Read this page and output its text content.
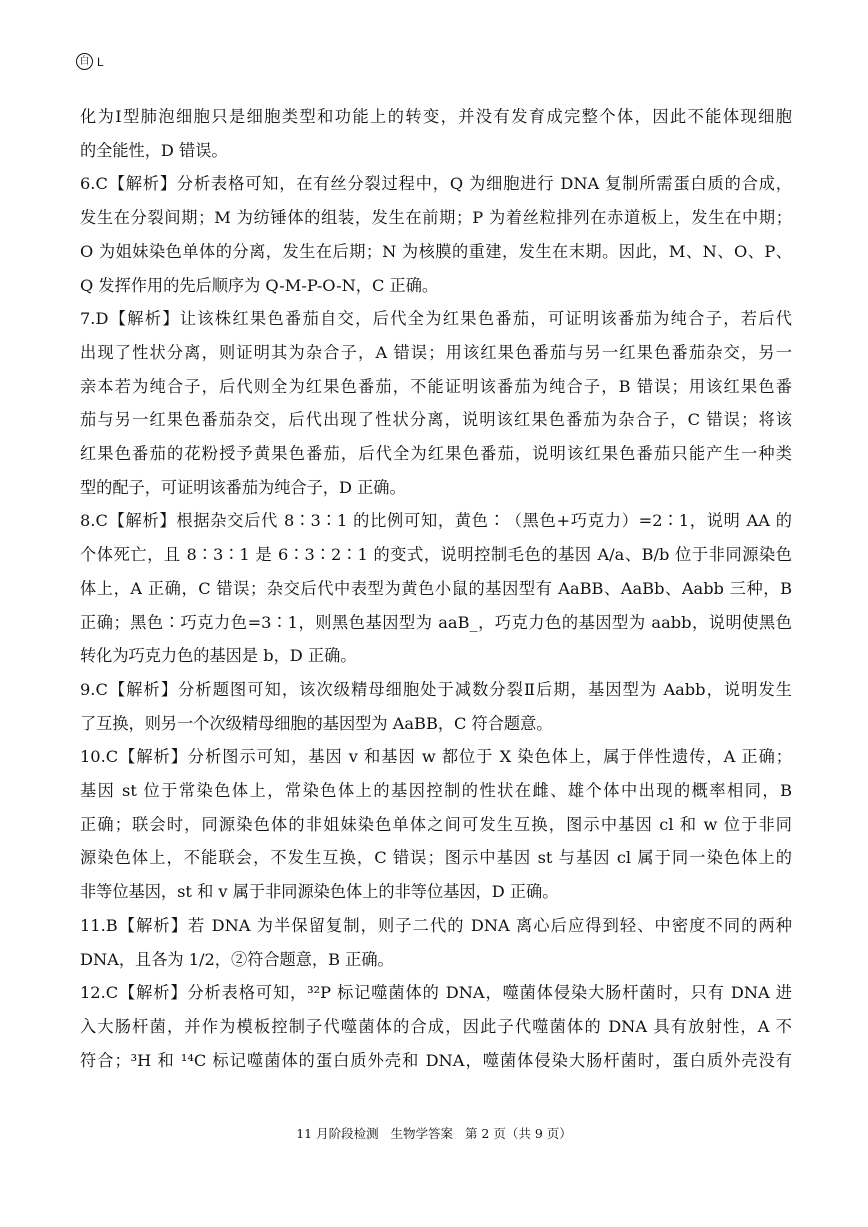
白 L

化为Ⅰ型肺泡细胞只是细胞类型和功能上的转变，并没有发育成完整个体，因此不能体现细胞
的全能性，D 错误。

6.C【解析】分析表格可知，在有丝分裂过程中，Q 为细胞进行 DNA 复制所需蛋白质的合成，
发生在分裂间期；M 为纺锤体的组装，发生在前期；P 为着丝粒排列在赤道板上，发生在中期；
O 为姐妹染色单体的分离，发生在后期；N 为核膜的重建，发生在末期。因此，M、N、O、P、
Q 发挥作用的先后顺序为 Q-M-P-O-N，C 正确。

7.D【解析】让该株红果色番茄自交，后代全为红果色番茄，可证明该番茄为纯合子，若后代
出现了性状分离，则证明其为杂合子，A 错误；用该红果色番茄与另一红果色番茄杂交，另一
亲本若为纯合子，后代则全为红果色番茄，不能证明该番茄为纯合子，B 错误；用该红果色番
茄与另一红果色番茄杂交，后代出现了性状分离，说明该红果色番茄为杂合子，C 错误；将该
红果色番茄的花粉授予黄果色番茄，后代全为红果色番茄，说明该红果色番茄只能产生一种类
型的配子，可证明该番茄为纯合子，D 正确。

8.C【解析】根据杂交后代 8∶3∶1 的比例可知，黄色∶（黑色+巧克力）=2∶1，说明 AA 的
个体死亡，且 8∶3∶1 是 6∶3∶2∶1 的变式，说明控制毛色的基因 A/a、B/b 位于非同源染色
体上，A 正确，C 错误；杂交后代中表型为黄色小鼠的基因型有 AaBB、AaBb、Aabb 三种，B
正确；黑色∶巧克力色=3∶1，则黑色基因型为 aaB_，巧克力色的基因型为 aabb，说明使黑色
转化为巧克力色的基因是 b，D 正确。

9.C【解析】分析题图可知，该次级精母细胞处于减数分裂Ⅱ后期，基因型为 Aabb，说明发生
了互换，则另一个次级精母细胞的基因型为 AaBB，C 符合题意。

10.C【解析】分析图示可知，基因 v 和基因 w 都位于 X 染色体上，属于伴性遗传，A 正确；
基因 st 位于常染色体上，常染色体上的基因控制的性状在雌、雄个体中出现的概率相同，B
正确；联会时，同源染色体的非姐妹染色单体之间可发生互换，图示中基因 cl 和 w 位于非同
源染色体上，不能联会，不发生互换，C 错误；图示中基因 st 与基因 cl 属于同一染色体上的
非等位基因，st 和 v 属于非同源染色体上的非等位基因，D 正确。

11.B【解析】若 DNA 为半保留复制，则子二代的 DNA 离心后应得到轻、中密度不同的两种
DNA，且各为 1/2，②符合题意，B 正确。

12.C【解析】分析表格可知，³²P 标记噬菌体的 DNA，噬菌体侵染大肠杆菌时，只有 DNA 进
入大肠杆菌，并作为模板控制子代噬菌体的合成，因此子代噬菌体的 DNA 具有放射性，A 不
符合；³H 和 ¹⁴C 标记噬菌体的蛋白质外壳和 DNA，噬菌体侵染大肠杆菌时，蛋白质外壳没有

11 月阶段检测   生物学答案   第 2 页（共 9 页）
